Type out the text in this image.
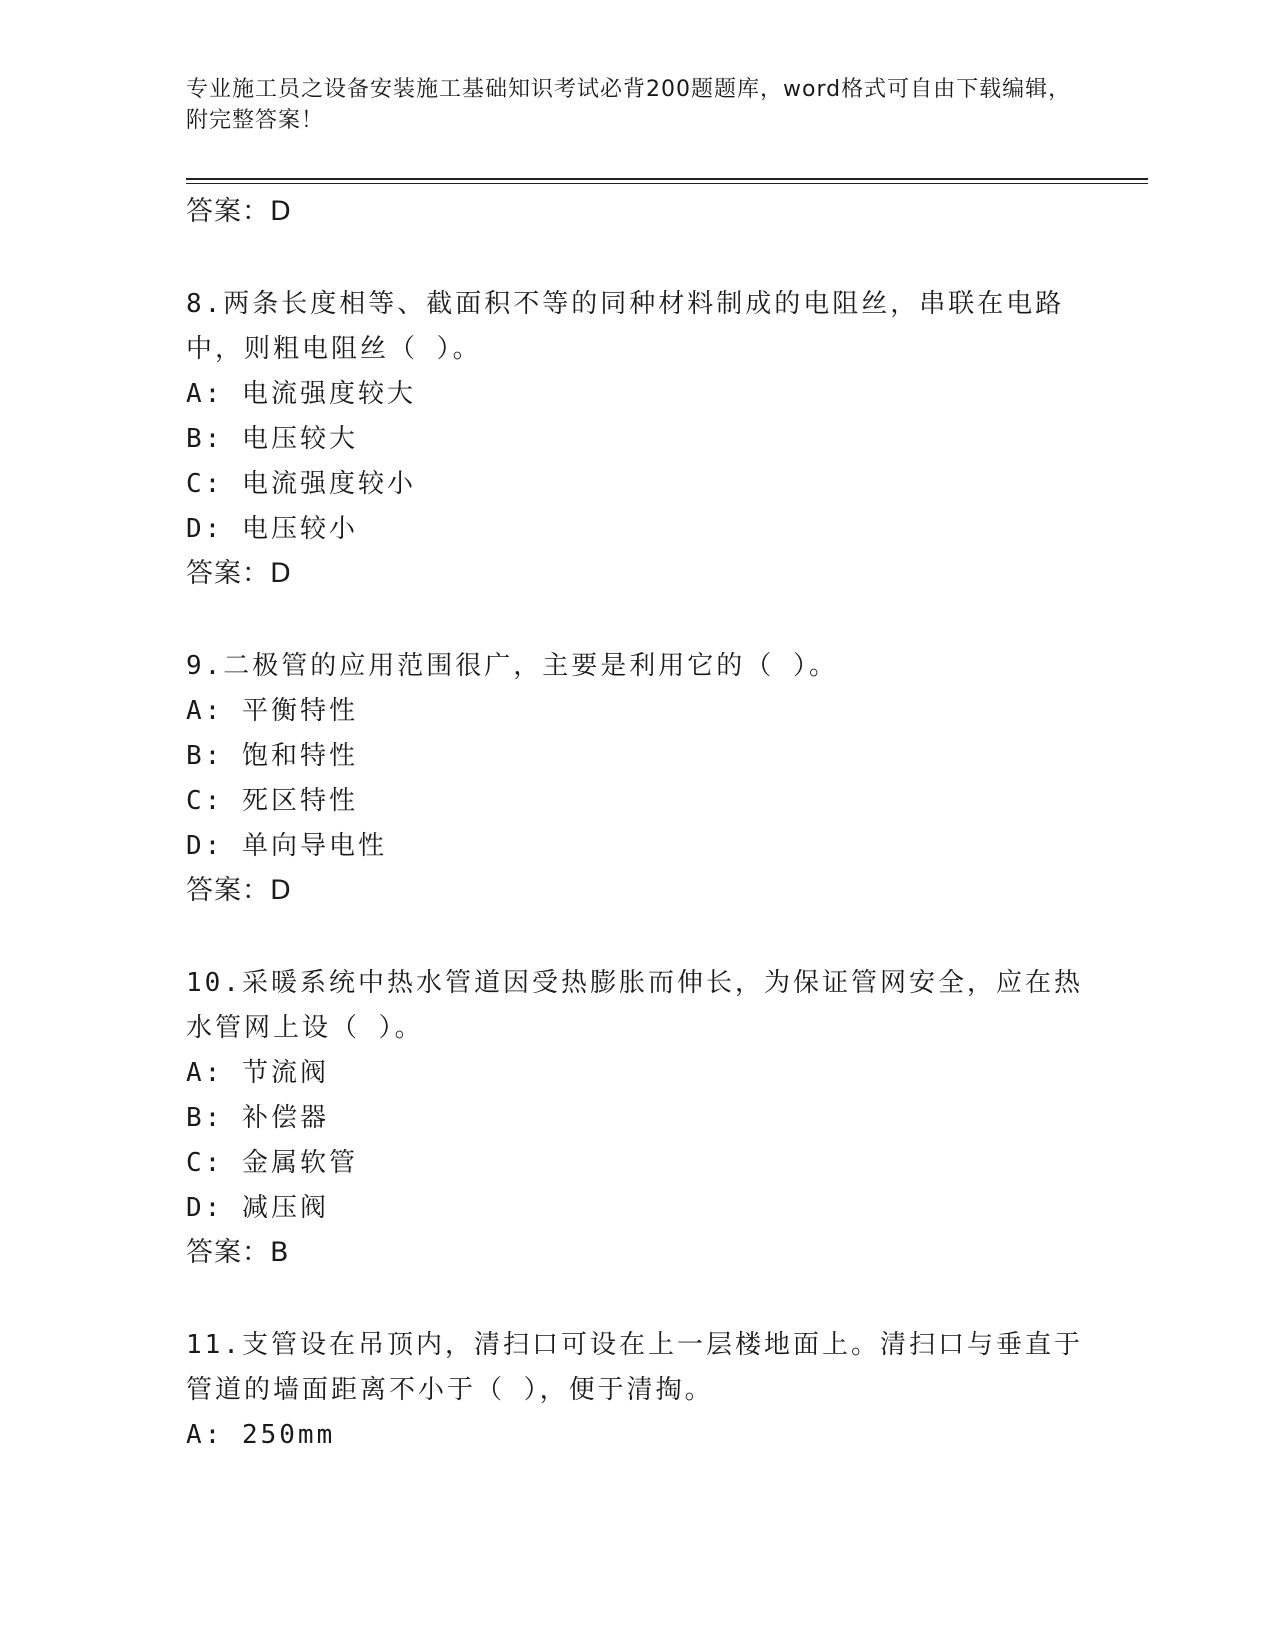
专业施工员之设备安装施工基础知识考试必背200题题库，word格式可自由下载编辑，附完整答案！
答案：D
8.两条长度相等、截面积不等的同种材料制成的电阻丝，串联在电路中，则粗电阻丝（ ）。
A: 电流强度较大
B: 电压较大
C: 电流强度较小
D: 电压较小
答案：D
9.二极管的应用范围很广，主要是利用它的（ ）。
A: 平衡特性
B: 饱和特性
C: 死区特性
D: 单向导电性
答案：D
10.采暖系统中热水管道因受热膨胀而伸长，为保证管网安全，应在热水管网上设（ ）。
A: 节流阀
B: 补偿器
C: 金属软管
D: 减压阀
答案：B
11.支管设在吊顶内，清扫口可设在上一层楼地面上。清扫口与垂直于管道的墙面距离不小于（ ），便于清掏。
A: 250mm
